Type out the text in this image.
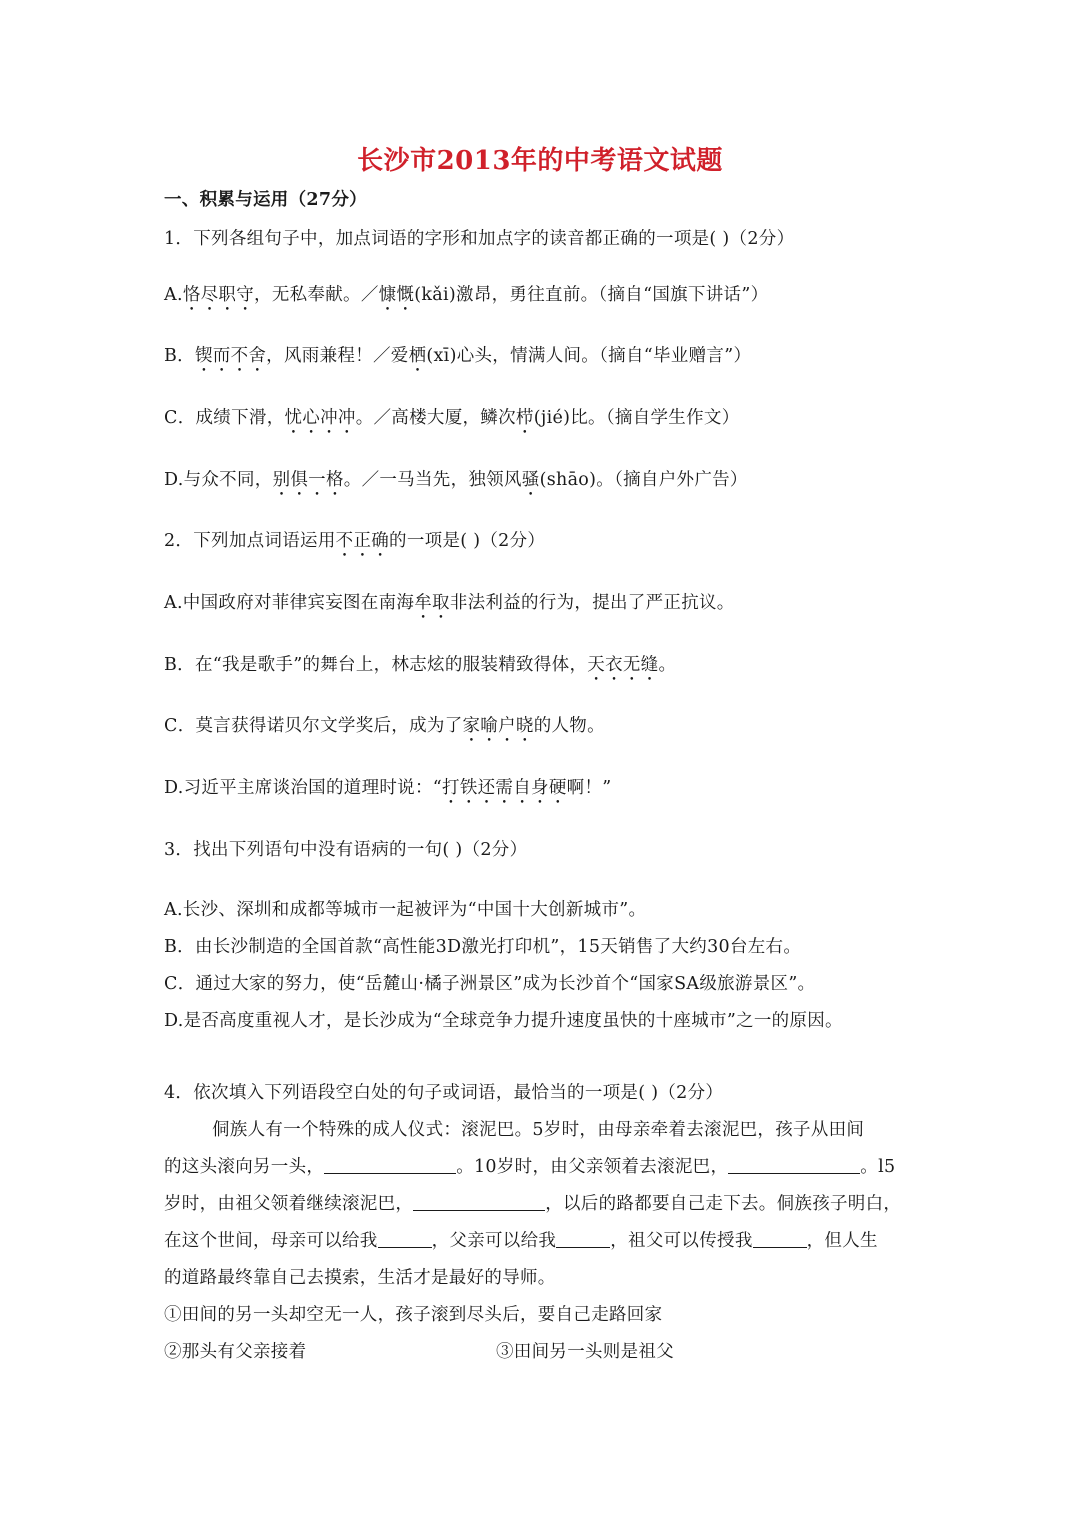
长沙市2013年的中考语文试题
一、积累与运用（27分）
1．下列各组句子中，加点词语的字形和加点字的读音都正确的一项是( )（2分）
A.恪尽职守，无私奉献。／慷慨(kǎi)激昂，勇往直前。（摘自“国旗下讲话”）
B．锲而不舍，风雨兼程！／爱栖(xī)心头，情满人间。（摘自“毕业赠言”）
C．成绩下滑，忧心冲冲。／高楼大厦，鳞次栉(jié)比。（摘自学生作文）
D.与众不同，别俱一格。／一马当先，独领风骚(shāo)。（摘自户外广告）
2．下列加点词语运用不正确的一项是( )（2分）
A.中国政府对菲律宾妄图在南海牟取非法利益的行为，提出了严正抗议。
B．在“我是歌手”的舞台上，林志炫的服装精致得体，天衣无缝。
C．莫言获得诺贝尔文学奖后，成为了家喻户晓的人物。
D.习近平主席谈治国的道理时说：“打铁还需自身硬啊！”
3．找出下列语句中没有语病的一句( )（2分）
A.长沙、深圳和成都等城市一起被评为“中国十大创新城市”。
B．由长沙制造的全国首款“高性能3D激光打印机”，15天销售了大约30台左右。
C．通过大家的努力，使“岳麓山·橘子洲景区”成为长沙首个“国家SA级旅游景区”。
D.是否高度重视人才，是长沙成为“全球竞争力提升速度虽快的十座城市”之一的原因。
4．依次填入下列语段空白处的句子或词语，最恰当的一项是( )（2分）
侗族人有一个特殊的成人仪式：滚泥巴。5岁时，由母亲牵着去滚泥巴，孩子从田间
的这头滚向另一头，	。10岁时，由父亲领着去滚泥巴，	。l5
岁时，由祖父领着继续滚泥巴，	，以后的路都要自己走下去。侗族孩子明白，
在这个世间，母亲可以给我	，父亲可以给我	，祖父可以传授我	，但人生
的道路最终靠自己去摸索，生活才是最好的导师。
①田间的另一头却空无一人，孩子滚到尽头后，要自己走路回家
②那头有父亲接着	③田间另一头则是祖父
